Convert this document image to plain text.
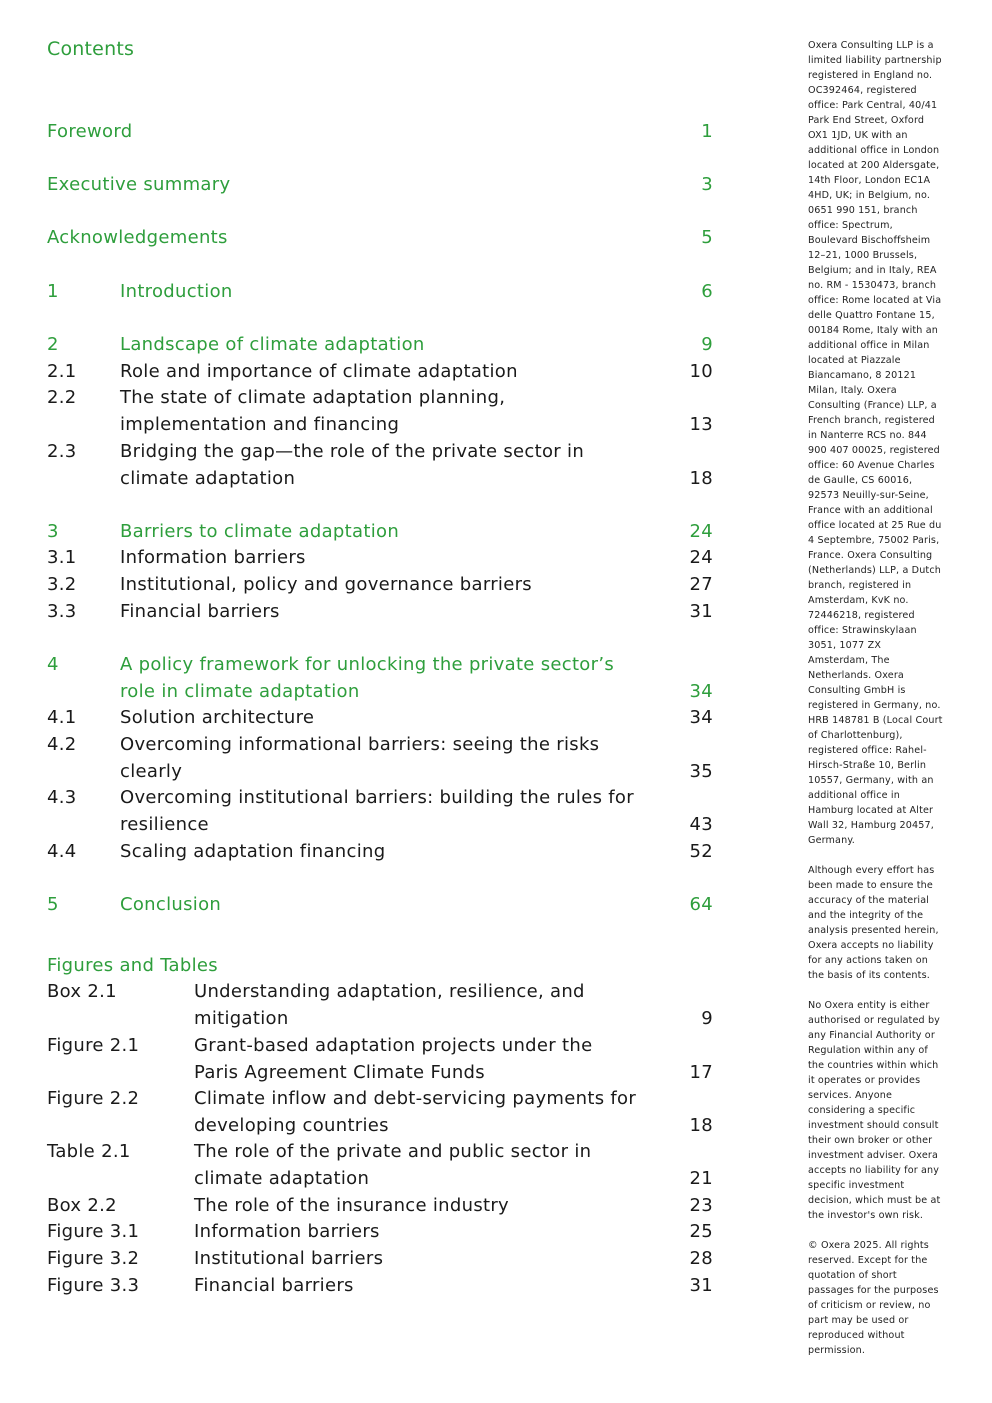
Contents
Foreword	1
Executive summary	3
Acknowledgements	5
1	Introduction	6
2	Landscape of climate adaptation	9
2.1 Role and importance of climate adaptation	10
2.2 The state of climate adaptation planning, implementation and financing	13
2.3 Bridging the gap—the role of the private sector in climate adaptation	18
3	Barriers to climate adaptation	24
3.1 Information barriers	24
3.2 Institutional, policy and governance barriers	27
3.3 Financial barriers	31
4	A policy framework for unlocking the private sector’s role in climate adaptation	34
4.1 Solution architecture	34
4.2 Overcoming informational barriers: seeing the risks clearly	35
4.3 Overcoming institutional barriers: building the rules for resilience	43
4.4 Scaling adaptation financing	52
5	Conclusion	64
Figures and Tables
Box 2.1	Understanding adaptation, resilience, and mitigation	9
Figure 2.1	Grant-based adaptation projects under the Paris Agreement Climate Funds	17
Figure 2.2	Climate inflow and debt-servicing payments for developing countries	18
Table 2.1	The role of the private and public sector in climate adaptation	21
Box 2.2	The role of the insurance industry	23
Figure 3.1	Information barriers	25
Figure 3.2	Institutional barriers	28
Figure 3.3	Financial barriers	31

Oxera Consulting LLP is a limited liability partnership registered in England no. OC392464, registered office: Park Central, 40/41 Park End Street, Oxford OX1 1JD, UK with an additional office in London located at 200 Aldersgate, 14th Floor, London EC1A 4HD, UK; in Belgium, no. 0651 990 151, branch office: Spectrum, Boulevard Bischoffsheim 12–21, 1000 Brussels, Belgium; and in Italy, REA no. RM - 1530473, branch office: Rome located at Via delle Quattro Fontane 15, 00184 Rome, Italy with an additional office in Milan located at Piazzale Biancamano, 8 20121 Milan, Italy. Oxera Consulting (France) LLP, a French branch, registered in Nanterre RCS no. 844 900 407 00025, registered office: 60 Avenue Charles de Gaulle, CS 60016, 92573 Neuilly-sur-Seine, France with an additional office located at 25 Rue du 4 Septembre, 75002 Paris, France. Oxera Consulting (Netherlands) LLP, a Dutch branch, registered in Amsterdam, KvK no. 72446218, registered office: Strawinskylaan 3051, 1077 ZX Amsterdam, The Netherlands. Oxera Consulting GmbH is registered in Germany, no. HRB 148781 B (Local Court of Charlottenburg), registered office: Rahel-Hirsch-Straße 10, Berlin 10557, Germany, with an additional office in Hamburg located at Alter Wall 32, Hamburg 20457, Germany.

Although every effort has been made to ensure the accuracy of the material and the integrity of the analysis presented herein, Oxera accepts no liability for any actions taken on the basis of its contents.

No Oxera entity is either authorised or regulated by any Financial Authority or Regulation within any of the countries within which it operates or provides services. Anyone considering a specific investment should consult their own broker or other investment adviser. Oxera accepts no liability for any specific investment decision, which must be at the investor's own risk.

© Oxera 2025. All rights reserved. Except for the quotation of short passages for the purposes of criticism or review, no part may be used or reproduced without permission.
